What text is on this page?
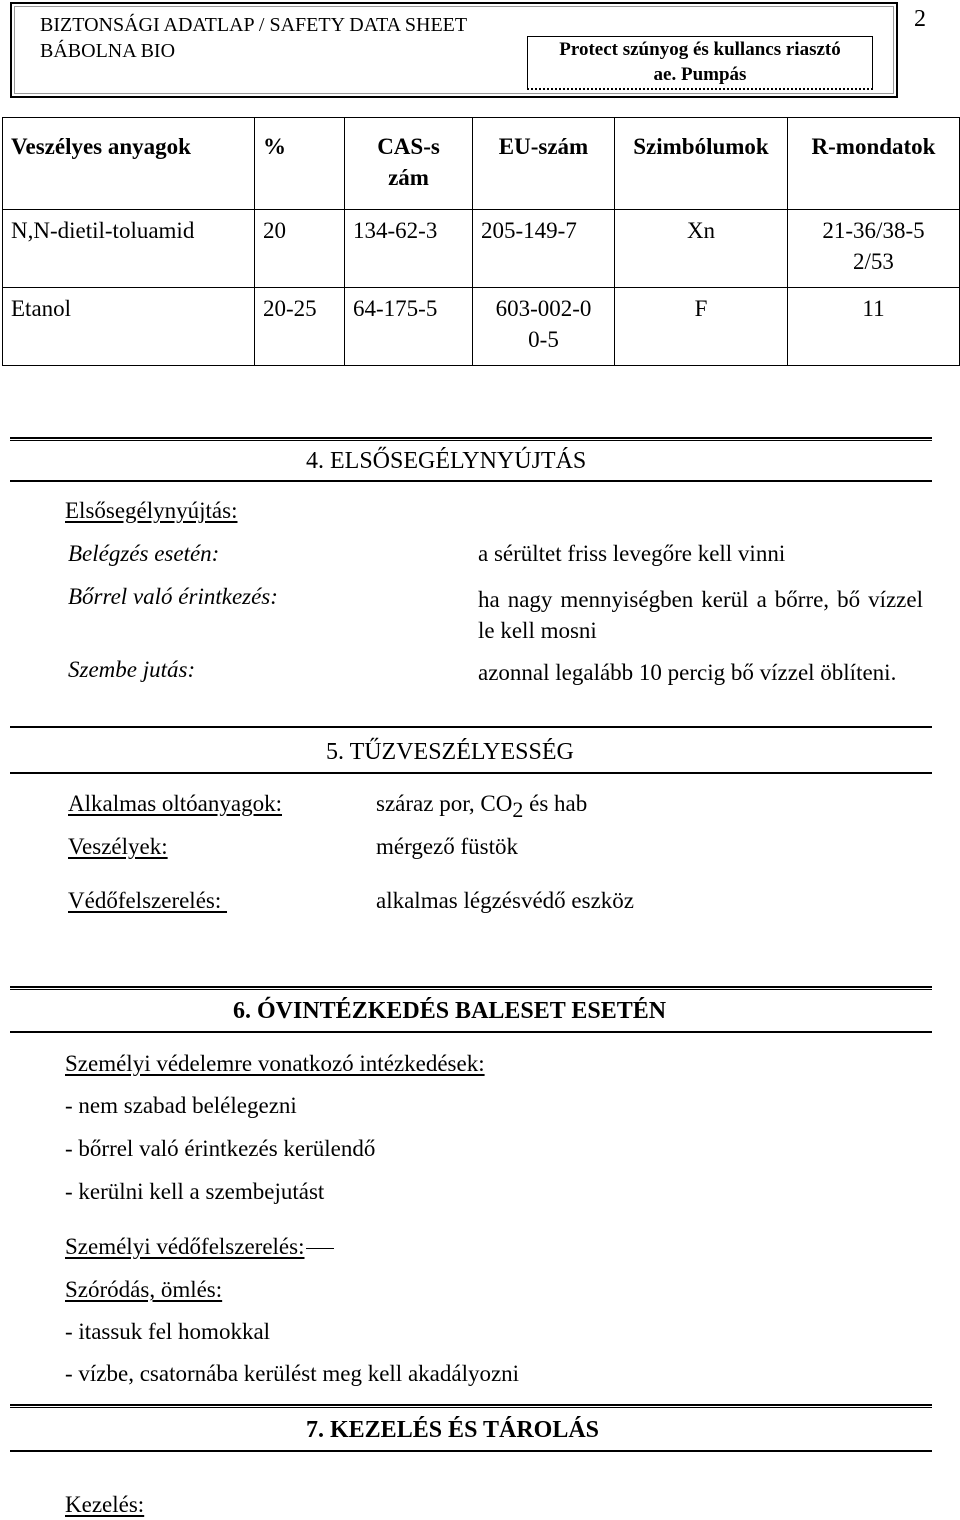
BIZTONSÁGI ADATLAP / SAFETY DATA SHEET
BÁBOLNA BIO	Protect szúnyog és kullancs riasztó
ae. Pumpás
2
Veszélyes anyagok	%	CAS-szám	EU-szám	Szimbólumok	R-mondatok
N,N-dietil-toluamid	20	134-62-3	205-149-7	Xn	21-36/38-52/53
Etanol	20-25	64-175-5	603-002-00-5	F	11
4. ELSŐSEGÉLYNYÚJTÁS
Elsősegélynyújtás:
Belégzés esetén:	a sérültet friss levegőre kell vinni
Bőrrel való érintkezés:	ha nagy mennyiségben kerül a bőrre, bő vízzel le kell mosni
Szembe jutás:	azonnal legalább 10 percig bő vízzel öblíteni.
5. TŰZVESZÉLYESSÉG
Alkalmas oltóanyagok:	száraz por, $CO_2$ és hab
Veszélyek:	mérgező füstök
Védőfelszerelés:	alkalmas légzésvédő eszköz
6. ÓVINTÉZKEDÉS BALESET ESETÉN
Személyi védelemre vonatkozó intézkedések:
- nem szabad belélegezni
- bőrrel való érintkezés kerülendő
- kerülni kell a szembejutást
Személyi védőfelszerelés:
Szóródás, ömlés:
- itassuk fel homokkal
- vízbe, csatornába kerülést meg kell akadályozni
7. KEZELÉS ÉS TÁROLÁS
Kezelés:
